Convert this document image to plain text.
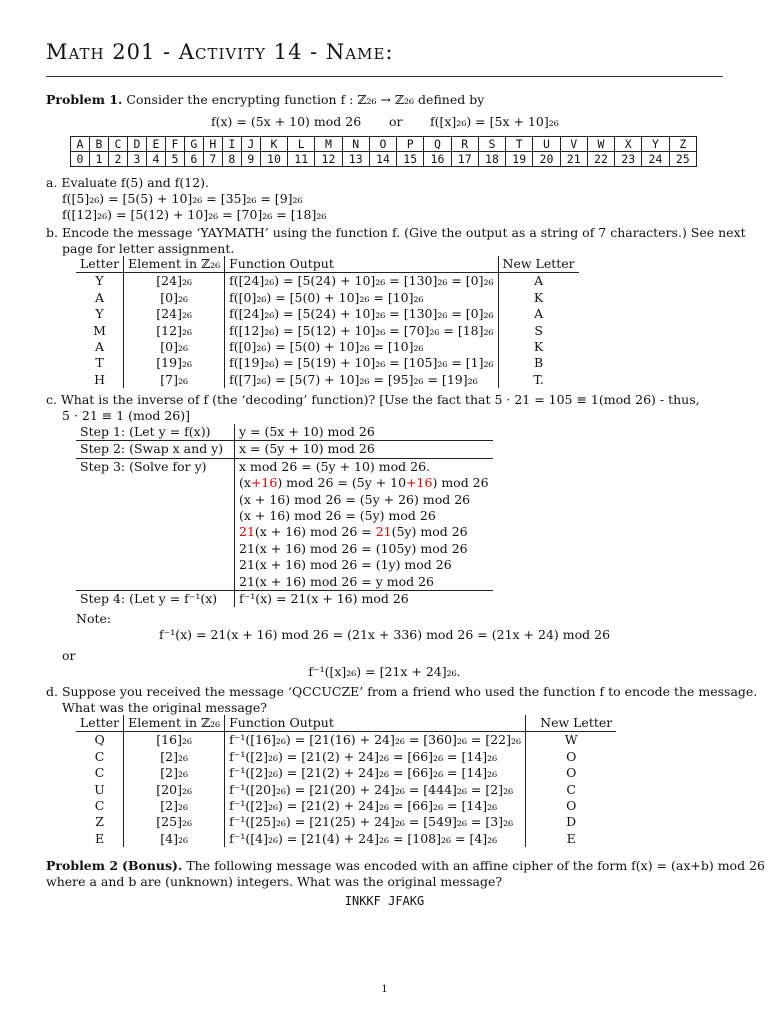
Math 201 - Activity 14 - Name:
Problem 1. Consider the encrypting function f : ℤ₂₆ → ℤ₂₆ defined by
f(x) = (5x + 10) mod 26 or f([x]₂₆) = [5x + 10]₂₆
A	B	C	D	E	F	G	H	I	J	K	L	M	N	O	P	Q	R	S	T	U	V	W	X	Y	Z
0	1	2	3	4	5	6	7	8	9	10	11	12	13	14	15	16	17	18	19	20	21	22	23	24	25
a. Evaluate f(5) and f(12).
f([5]₂₆) = [5(5) + 10]₂₆ = [35]₂₆ = [9]₂₆
f([12]₂₆) = [5(12) + 10]₂₆ = [70]₂₆ = [18]₂₆
b. Encode the message ‘YAYMATH’ using the function f. (Give the output as a string of 7 characters.) See next
page for letter assignment.
Letter	Element in ℤ₂₆	Function Output	New Letter
Y	[24]₂₆	f([24]₂₆) = [5(24) + 10]₂₆ = [130]₂₆ = [0]₂₆	A
A	[0]₂₆	f([0]₂₆) = [5(0) + 10]₂₆ = [10]₂₆	K
Y	[24]₂₆	f([24]₂₆) = [5(24) + 10]₂₆ = [130]₂₆ = [0]₂₆	A
M	[12]₂₆	f([12]₂₆) = [5(12) + 10]₂₆ = [70]₂₆ = [18]₂₆	S
A	[0]₂₆	f([0]₂₆) = [5(0) + 10]₂₆ = [10]₂₆	K
T	[19]₂₆	f([19]₂₆) = [5(19) + 10]₂₆ = [105]₂₆ = [1]₂₆	B
H	[7]₂₆	f([7]₂₆) = [5(7) + 10]₂₆ = [95]₂₆ = [19]₂₆	T.
c. What is the inverse of f (the ‘decoding’ function)? [Use the fact that 5 · 21 = 105 ≡ 1(mod 26) - thus,
5 · 21 ≡ 1 (mod 26)]
Step 1: (Let y = f(x))	y = (5x + 10) mod 26
Step 2: (Swap x and y)	x = (5y + 10) mod 26
Step 3: (Solve for y)	x mod 26 = (5y + 10) mod 26.
	(x+16) mod 26 = (5y + 10+16) mod 26
	(x + 16) mod 26 = (5y + 26) mod 26
	(x + 16) mod 26 = (5y) mod 26
	21(x + 16) mod 26 = 21(5y) mod 26
	21(x + 16) mod 26 = (105y) mod 26
	21(x + 16) mod 26 = (1y) mod 26
	21(x + 16) mod 26 = y mod 26
Step 4: (Let y = f⁻¹(x)	f⁻¹(x) = 21(x + 16) mod 26
Note:
f⁻¹(x) = 21(x + 16) mod 26 = (21x + 336) mod 26 = (21x + 24) mod 26
or
f⁻¹([x]₂₆) = [21x + 24]₂₆.
d. Suppose you received the message ‘QCCUCZE’ from a friend who used the function f to encode the message.
What was the original message?
Letter	Element in ℤ₂₆	Function Output	New Letter
Q	[16]₂₆	f⁻¹([16]₂₆) = [21(16) + 24]₂₆ = [360]₂₆ = [22]₂₆	W
C	[2]₂₆	f⁻¹([2]₂₆) = [21(2) + 24]₂₆ = [66]₂₆ = [14]₂₆	O
C	[2]₂₆	f⁻¹([2]₂₆) = [21(2) + 24]₂₆ = [66]₂₆ = [14]₂₆	O
U	[20]₂₆	f⁻¹([20]₂₆) = [21(20) + 24]₂₆ = [444]₂₆ = [2]₂₆	C
C	[2]₂₆	f⁻¹([2]₂₆) = [21(2) + 24]₂₆ = [66]₂₆ = [14]₂₆	O
Z	[25]₂₆	f⁻¹([25]₂₆) = [21(25) + 24]₂₆ = [549]₂₆ = [3]₂₆	D
E	[4]₂₆	f⁻¹([4]₂₆) = [21(4) + 24]₂₆ = [108]₂₆ = [4]₂₆	E
Problem 2 (Bonus). The following message was encoded with an affine cipher of the form f(x) = (ax+b) mod 26
where a and b are (unknown) integers. What was the original message?
INKKF JFAKG
1
